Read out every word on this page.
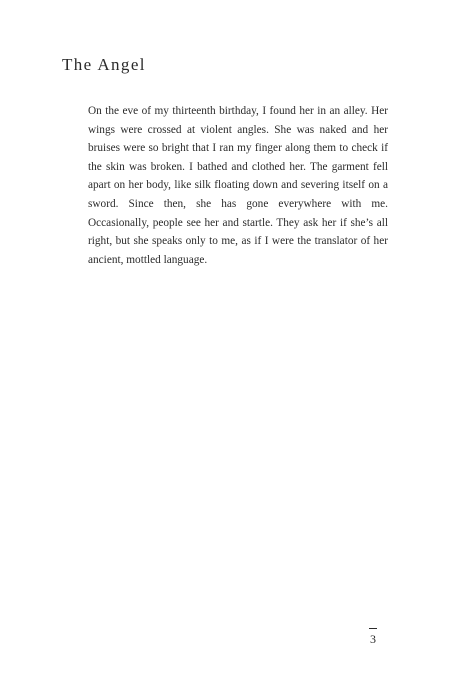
The Angel

On the eve of my thirteenth birthday, I found her in an alley. Her wings were crossed at violent angles. She was naked and her bruises were so bright that I ran my finger along them to check if the skin was broken. I bathed and clothed her. The garment fell apart on her body, like silk floating down and severing itself on a sword. Since then, she has gone everywhere with me. Occasionally, people see her and startle. They ask her if she’s all right, but she speaks only to me, as if I were the translator of her ancient, mottled language.

3
